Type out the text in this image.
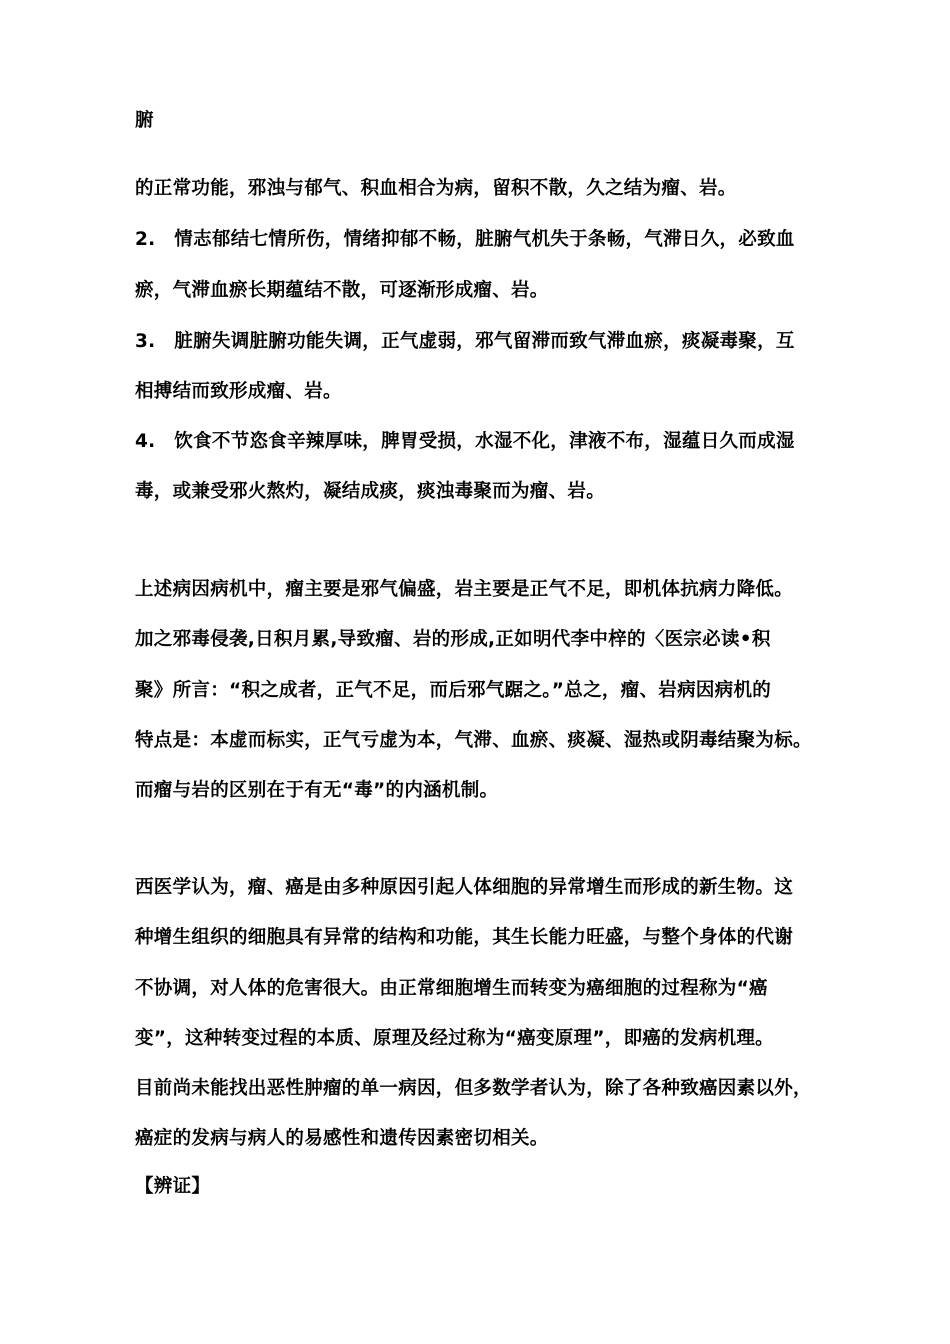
腑
的正常功能，邪浊与郁气、积血相合为病，留积不散，久之结为瘤、岩。
2.　情志郁结七情所伤，情绪抑郁不畅，脏腑气机失于条畅，气滞日久，必致血
瘀，气滞血瘀长期蕴结不散，可逐渐形成瘤、岩。
3.　脏腑失调脏腑功能失调，正气虚弱，邪气留滞而致气滞血瘀，痰凝毒聚，互
相搏结而致形成瘤、岩。
4.　饮食不节恣食辛辣厚味，脾胃受损，水湿不化，津液不布，湿蕴日久而成湿
毒，或兼受邪火熬灼，凝结成痰，痰浊毒聚而为瘤、岩。
上述病因病机中，瘤主要是邪气偏盛，岩主要是正气不足，即机体抗病力降低。
加之邪毒侵袭,日积月累,导致瘤、岩的形成,正如明代李中梓的〈医宗必读•积
聚》所言：“积之成者，正气不足，而后邪气踞之。”总之，瘤、岩病因病机的
特点是：本虚而标实，正气亏虚为本，气滞、血瘀、痰凝、湿热或阴毒结聚为标。
而瘤与岩的区别在于有无“毒”的内涵机制。
西医学认为，瘤、癌是由多种原因引起人体细胞的异常增生而形成的新生物。这
种增生组织的细胞具有异常的结构和功能，其生长能力旺盛，与整个身体的代谢
不协调，对人体的危害很大。由正常细胞增生而转变为癌细胞的过程称为“癌
变”，这种转变过程的本质、原理及经过称为“癌变原理”，即癌的发病机理。
目前尚未能找出恶性肿瘤的单一病因，但多数学者认为，除了各种致癌因素以外，
癌症的发病与病人的易感性和遗传因素密切相关。
【辨证】
